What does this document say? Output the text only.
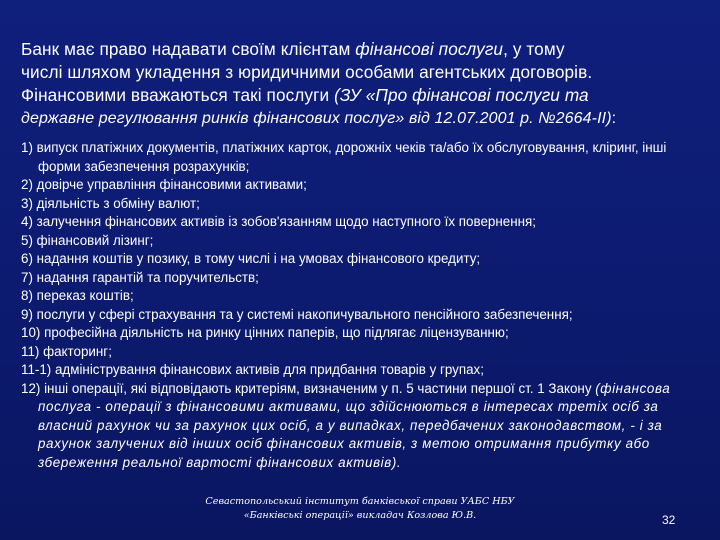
Банк має право надавати своїм клієнтам фінансові послуги, у тому
числі шляхом укладення з юридичними особами агентських договорів.
Фінансовими вважаються такі послуги (ЗУ «Про фінансові послуги та
державне регулювання ринків фінансових послуг» від 12.07.2001 р. №2664-ІІ):
1) випуск платіжних документів, платіжних карток, дорожніх чеків та/або їх обслуговування, кліринг, інші форми забезпечення розрахунків;
2) довірче управління фінансовими активами;
3) діяльність з обміну валют;
4) залучення фінансових активів із зобов'язанням щодо наступного їх повернення;
5) фінансовий лізинг;
6) надання коштів у позику, в тому числі і на умовах фінансового кредиту;
7) надання гарантій та поручительств;
8) переказ коштів;
9) послуги у сфері страхування та у системі накопичувального пенсійного забезпечення;
10) професійна діяльність на ринку цінних паперів, що підлягає ліцензуванню;
11) факторинг;
11-1) адміністрування фінансових активів для придбання товарів у групах;
12) інші операції, які відповідають критеріям, визначеним у п. 5 частини першої ст. 1 Закону (фінансова послуга - операції з фінансовими активами, що здійснюються в інтересах третіх осіб за власний рахунок чи за рахунок цих осіб, а у випадках, передбачених законодавством, - і за рахунок залучених від інших осіб фінансових активів, з метою отримання прибутку або збереження реальної вартості фінансових активів).
Севастопольський інститут банківської справи УАБС НБУ
«Банківські операції» викладач Козлова Ю.В.	32
